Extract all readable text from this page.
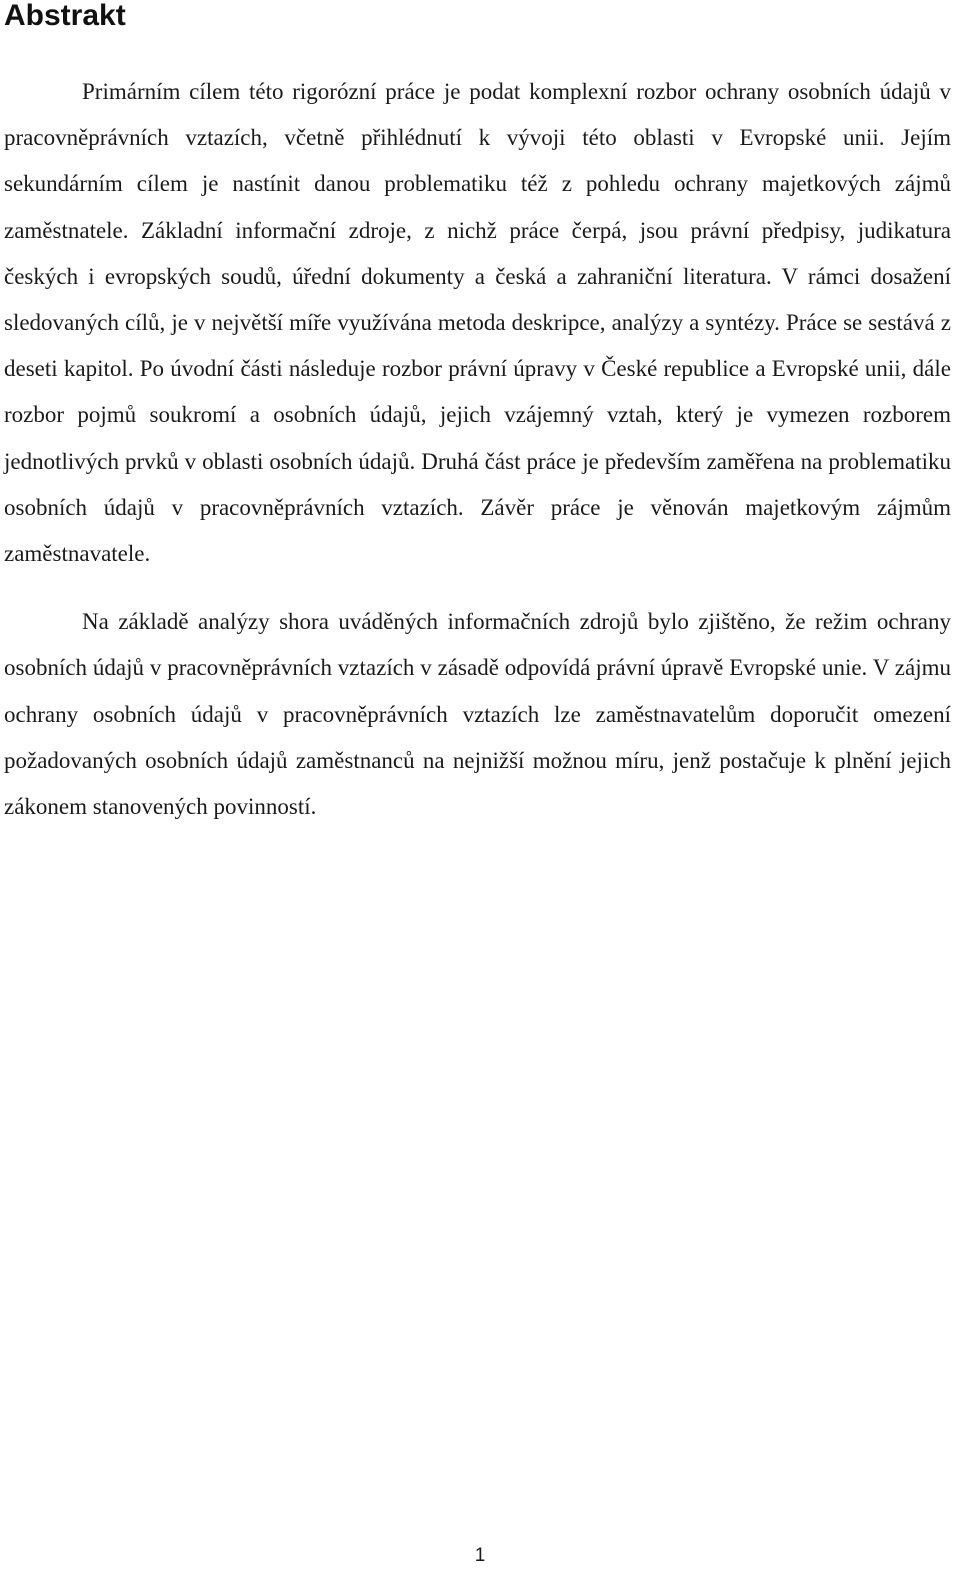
Abstrakt

Primárním cílem této rigorózní práce je podat komplexní rozbor ochrany osobních údajů v pracovněprávních vztazích, včetně přihlédnutí k vývoji této oblasti v Evropské unii. Jejím sekundárním cílem je nastínit danou problematiku též z pohledu ochrany majetkových zájmů zaměstnatele. Základní informační zdroje, z nichž práce čerpá, jsou právní předpisy, judikatura českých i evropských soudů, úřední dokumenty a česká a zahraniční literatura. V rámci dosažení sledovaných cílů, je v největší míře využívána metoda deskripce, analýzy a syntézy. Práce se sestává z deseti kapitol. Po úvodní části následuje rozbor právní úpravy v České republice a Evropské unii, dále rozbor pojmů soukromí a osobních údajů, jejich vzájemný vztah, který je vymezen rozborem jednotlivých prvků v oblasti osobních údajů. Druhá část práce je především zaměřena na problematiku osobních údajů v pracovněprávních vztazích. Závěr práce je věnován majetkovým zájmům zaměstnavatele.

Na základě analýzy shora uváděných informačních zdrojů bylo zjištěno, že režim ochrany osobních údajů v pracovněprávních vztazích v zásadě odpovídá právní úpravě Evropské unie. V zájmu ochrany osobních údajů v pracovněprávních vztazích lze zaměstnavatelům doporučit omezení požadovaných osobních údajů zaměstnanců na nejnižší možnou míru, jenž postačuje k plnění jejich zákonem stanovených povinností.

1
